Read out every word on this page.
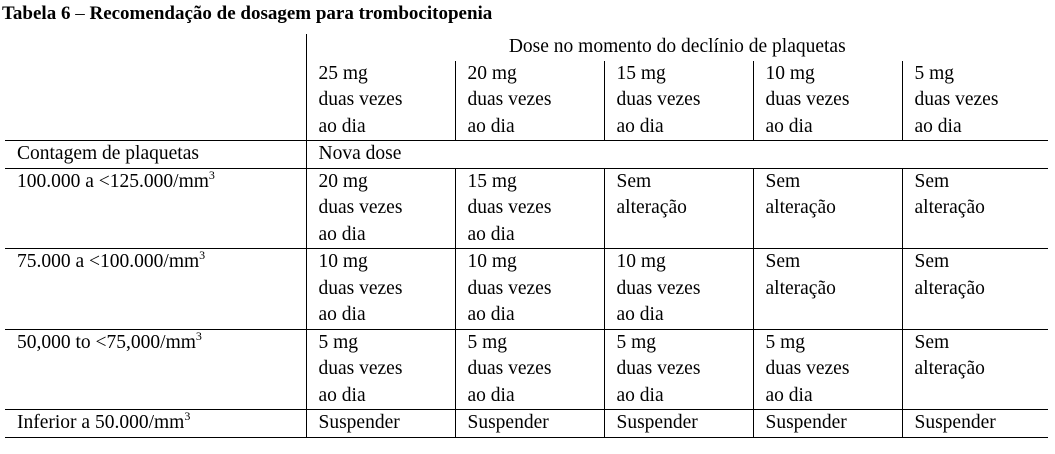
Tabela 6 – Recomendação de dosagem para trombocitopenia
	Dose no momento do declínio de plaquetas				
	25 mg
duas vezes
ao dia	20 mg
duas vezes
ao dia	15 mg
duas vezes
ao dia	10 mg
duas vezes
ao dia	5 mg
duas vezes
ao dia
Contagem de plaquetas	Nova dose				
100.000 $a <125.000/mm^3$	20 mg
duas vezes
ao dia	15 mg
duas vezes
ao dia	Sem
alteração	Sem
alteração	Sem
alteração
75.000 $a <100.000/mm^3$	10 mg
duas vezes
ao dia	10 mg
duas vezes
ao dia	10 mg
duas vezes
ao dia	Sem
alteração	Sem
alteração
50,000 to $<75,000/mm^3$	5 mg
duas vezes
ao dia	5 mg
duas vezes
ao dia	5 mg
duas vezes
ao dia	5 mg
duas vezes
ao dia	Sem
alteração
Inferior a $50.000/mm^3$	Suspender	Suspender	Suspender	Suspender	Suspender
